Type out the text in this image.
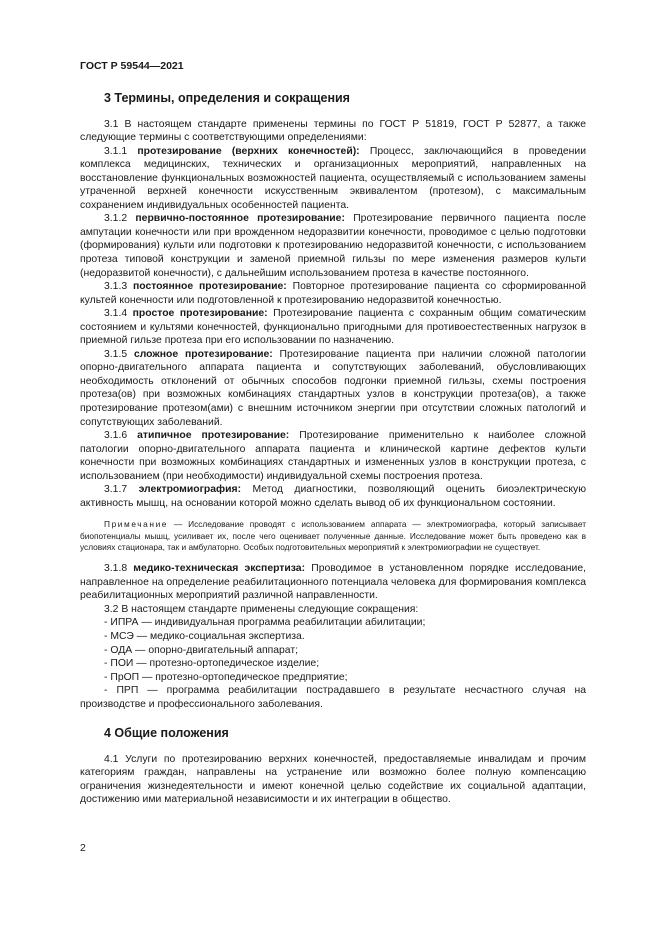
ГОСТ Р 59544—2021
3 Термины, определения и сокращения

3.1 В настоящем стандарте применены термины по ГОСТ Р 51819, ГОСТ Р 52877, а также следующие термины с соответствующими определениями:

3.1.1 протезирование (верхних конечностей): Процесс, заключающийся в проведении комплекса медицинских, технических и организационных мероприятий, направленных на восстановление функциональных возможностей пациента, осуществляемый с использованием замены утраченной верхней конечности искусственным эквивалентом (протезом), с максимальным сохранением индивидуальных особенностей пациента.

3.1.2 первично-постоянное протезирование: Протезирование первичного пациента после ампутации конечности или при врожденном недоразвитии конечности, проводимое с целью подготовки (формирования) культи или подготовки к протезированию недоразвитой конечности, с использованием протеза типовой конструкции и заменой приемной гильзы по мере изменения размеров культи (недоразвитой конечности), с дальнейшим использованием протеза в качестве постоянного.

3.1.3 постоянное протезирование: Повторное протезирование пациента со сформированной культей конечности или подготовленной к протезированию недоразвитой конечностью.

3.1.4 простое протезирование: Протезирование пациента с сохранным общим соматическим состоянием и культями конечностей, функционально пригодными для противоестественных нагрузок в приемной гильзе протеза при его использовании по назначению.

3.1.5 сложное протезирование: Протезирование пациента при наличии сложной патологии опорно-двигательного аппарата пациента и сопутствующих заболеваний, обусловливающих необходимость отклонений от обычных способов подгонки приемной гильзы, схемы построения протеза(ов) при возможных комбинациях стандартных узлов в конструкции протеза(ов), а также протезирование протезом(ами) с внешним источником энергии при отсутствии сложных патологий и сопутствующих заболеваний.

3.1.6 атипичное протезирование: Протезирование применительно к наиболее сложной патологии опорно-двигательного аппарата пациента и клинической картине дефектов культи конечности при возможных комбинациях стандартных и измененных узлов в конструкции протеза, с использованием (при необходимости) индивидуальной схемы построения протеза.

3.1.7 электромиография: Метод диагностики, позволяющий оценить биоэлектрическую активность мышц, на основании которой можно сделать вывод об их функциональном состоянии.

Примечание — Исследование проводят с использованием аппарата — электромиографа, который записывает биопотенциалы мышц, усиливает их, после чего оценивает полученные данные. Исследование может быть проведено как в условиях стационара, так и амбулаторно. Особых подготовительных мероприятий к электромиографии не существует.

3.1.8 медико-техническая экспертиза: Проводимое в установленном порядке исследование, направленное на определение реабилитационного потенциала человека для формирования комплекса реабилитационных мероприятий различной направленности.

3.2 В настоящем стандарте применены следующие сокращения:

- ИПРА — индивидуальная программа реабилитации абилитации;

- МСЭ — медико-социальная экспертиза.

- ОДА — опорно-двигательный аппарат;

- ПОИ — протезно-ортопедическое изделие;

- ПрОП — протезно-ортопедическое предприятие;

- ПРП — программа реабилитации пострадавшего в результате несчастного случая на производстве и профессионального заболевания.

4 Общие положения

4.1 Услуги по протезированию верхних конечностей, предоставляемые инвалидам и прочим категориям граждан, направлены на устранение или возможно более полную компенсацию ограничения жизнедеятельности и имеют конечной целью содействие их социальной адаптации, достижению ими материальной независимости и их интеграции в общество.

2
